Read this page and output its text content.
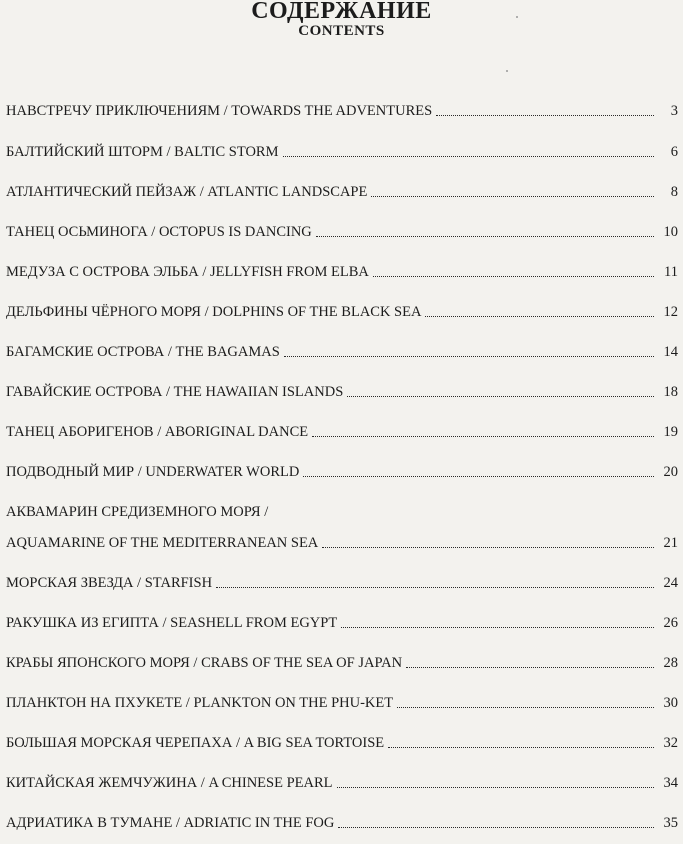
СОДЕРЖАНИЕ
CONTENTS
НАВСТРЕЧУ ПРИКЛЮЧЕНИЯМ / TOWARDS THE ADVENTURES	3
БАЛТИЙСКИЙ ШТОРМ / BALTIC STORM	6
АТЛАНТИЧЕСКИЙ ПЕЙЗАЖ / ATLANTIC LANDSCAPE	8
ТАНЕЦ ОСЬМИНОГА / OCTOPUS IS DANCING	10
МЕДУЗА С ОСТРОВА ЭЛЬБА / JELLYFISH FROM ELBA	11
ДЕЛЬФИНЫ ЧЁРНОГО МОРЯ / DOLPHINS OF THE BLACK SEA	12
БАГАМСКИЕ ОСТРОВА / THE BAGAMAS	14
ГАВАЙСКИЕ ОСТРОВА / THE HAWAIIAN ISLANDS	18
ТАНЕЦ АБОРИГЕНОВ / ABORIGINAL DANCE	19
ПОДВОДНЫЙ МИР / UNDERWATER WORLD	20
АКВАМАРИН СРЕДИЗЕМНОГО МОРЯ /
AQUAMARINE OF THE MEDITERRANEAN SEA	21
МОРСКАЯ ЗВЕЗДА / STARFISH	24
РАКУШКА ИЗ ЕГИПТА / SEASHELL FROM EGYPT	26
КРАБЫ ЯПОНСКОГО МОРЯ / CRABS OF THE SEA OF JAPAN	28
ПЛАНКТОН НА ПХУКЕТЕ / PLANKTON ON THE PHU-KET	30
БОЛЬШАЯ МОРСКАЯ ЧЕРЕПАХА / A BIG SEA TORTOISE	32
КИТАЙСКАЯ ЖЕМЧУЖИНА / A CHINESE PEARL	34
АДРИАТИКА В ТУМАНЕ / ADRIATIC IN THE FOG	35
